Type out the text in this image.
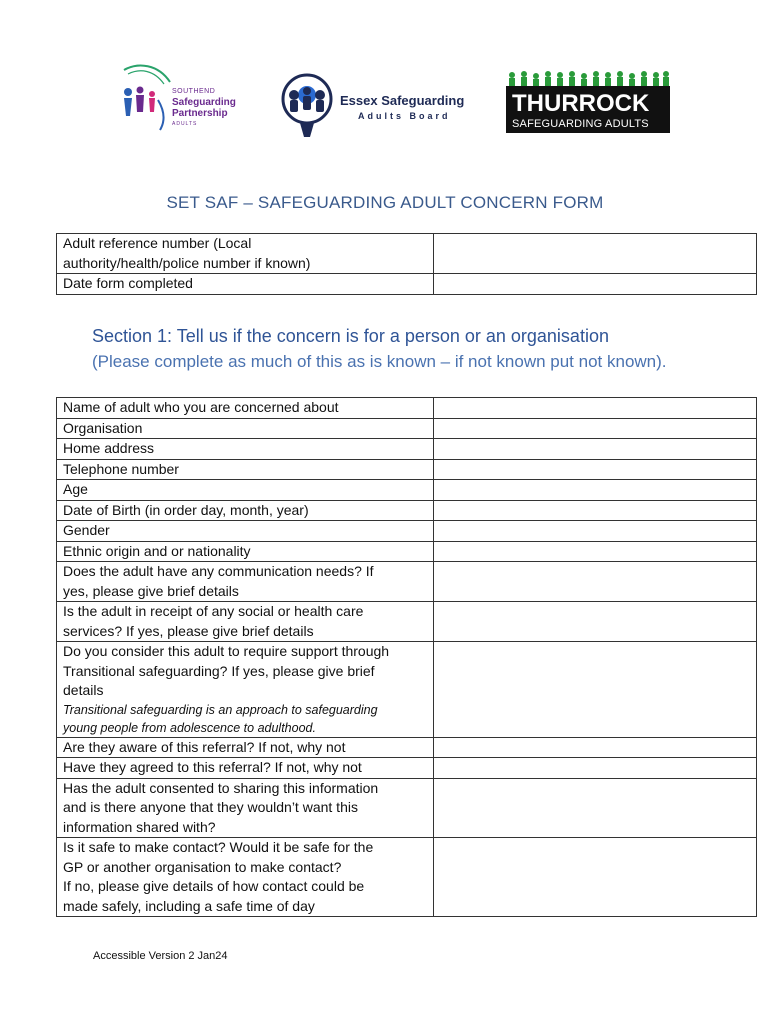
SOUTHEND
Safeguarding
Partnership
ADULTS
Essex Safeguarding
Adults Board	THURROCK
SAFEGUARDING ADULTS
SET SAF – SAFEGUARDING ADULT CONCERN FORM
Adult reference number (Local
authority/health/police number if known)	

Date form completed	

Section 1: Tell us if the concern is for a person or an organisation
(Please complete as much of this as is known – if not known put not known).
Name of adult who you are concerned about	

Organisation	

Home address	

Telephone number	

Age	

Date of Birth (in order day, month, year)	

Gender	

Ethnic origin and or nationality	

Does the adult have any communication needs? If
yes, please give brief details	

Is the adult in receipt of any social or health care
services? If yes, please give brief details	

Do you consider this adult to require support through
Transitional safeguarding? If yes, please give brief
details
Transitional safeguarding is an approach to safeguarding
young people from adolescence to adulthood.	

Are they aware of this referral? If not, why not	

Have they agreed to this referral? If not, why not	

Has the adult consented to sharing this information
and is there anyone that they wouldn’t want this
information shared with?	

Is it safe to make contact? Would it be safe for the
GP or another organisation to make contact?
If no, please give details of how contact could be
made safely, including a safe time of day	

Accessible Version 2 Jan24
